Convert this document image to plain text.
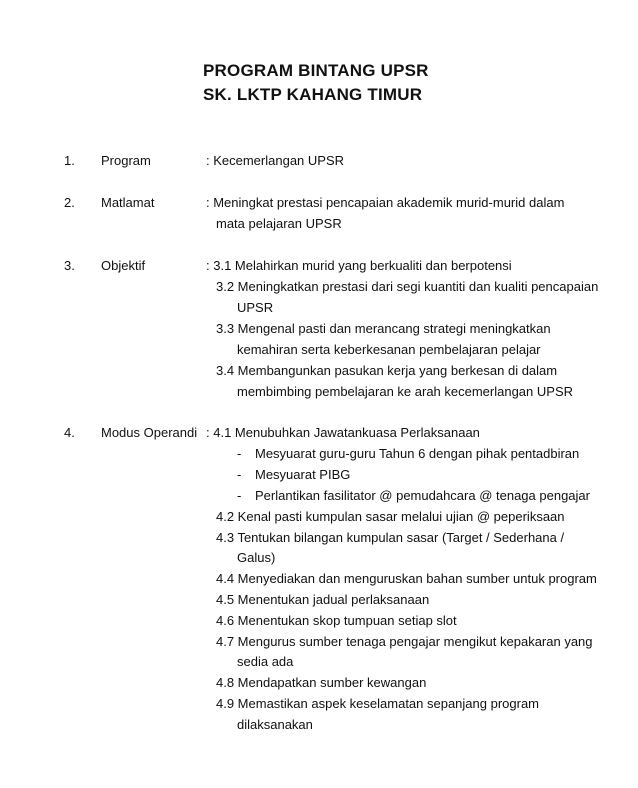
PROGRAM BINTANG UPSR
SK. LKTP KAHANG TIMUR
1. Program	: Kecemerlangan UPSR
2. Matlamat	: Meningkat prestasi pencapaian akademik murid-murid dalam
mata pelajaran UPSR
3. Objektif	: 3.1 Melahirkan murid yang berkualiti dan berpotensi
3.2 Meningkatkan prestasi dari segi kuantiti dan kualiti pencapaian
UPSR
3.3 Mengenal pasti dan merancang strategi meningkatkan
kemahiran serta keberkesanan pembelajaran pelajar
3.4 Membangunkan pasukan kerja yang berkesan di dalam
membimbing pembelajaran ke arah kecemerlangan UPSR
4. Modus Operandi : 4.1 Menubuhkan Jawatankuasa Perlaksanaan
- Mesyuarat guru-guru Tahun 6 dengan pihak pentadbiran
- Mesyuarat PIBG
- Perlantikan fasilitator @ pemudahcara @ tenaga pengajar
4.2 Kenal pasti kumpulan sasar melalui ujian @ peperiksaan
4.3 Tentukan bilangan kumpulan sasar (Target / Sederhana /
Galus)
4.4 Menyediakan dan menguruskan bahan sumber untuk program
4.5 Menentukan jadual perlaksanaan
4.6 Menentukan skop tumpuan setiap slot
4.7 Mengurus sumber tenaga pengajar mengikut kepakaran yang
sedia ada
4.8 Mendapatkan sumber kewangan
4.9 Memastikan aspek keselamatan sepanjang program
dilaksanakan
